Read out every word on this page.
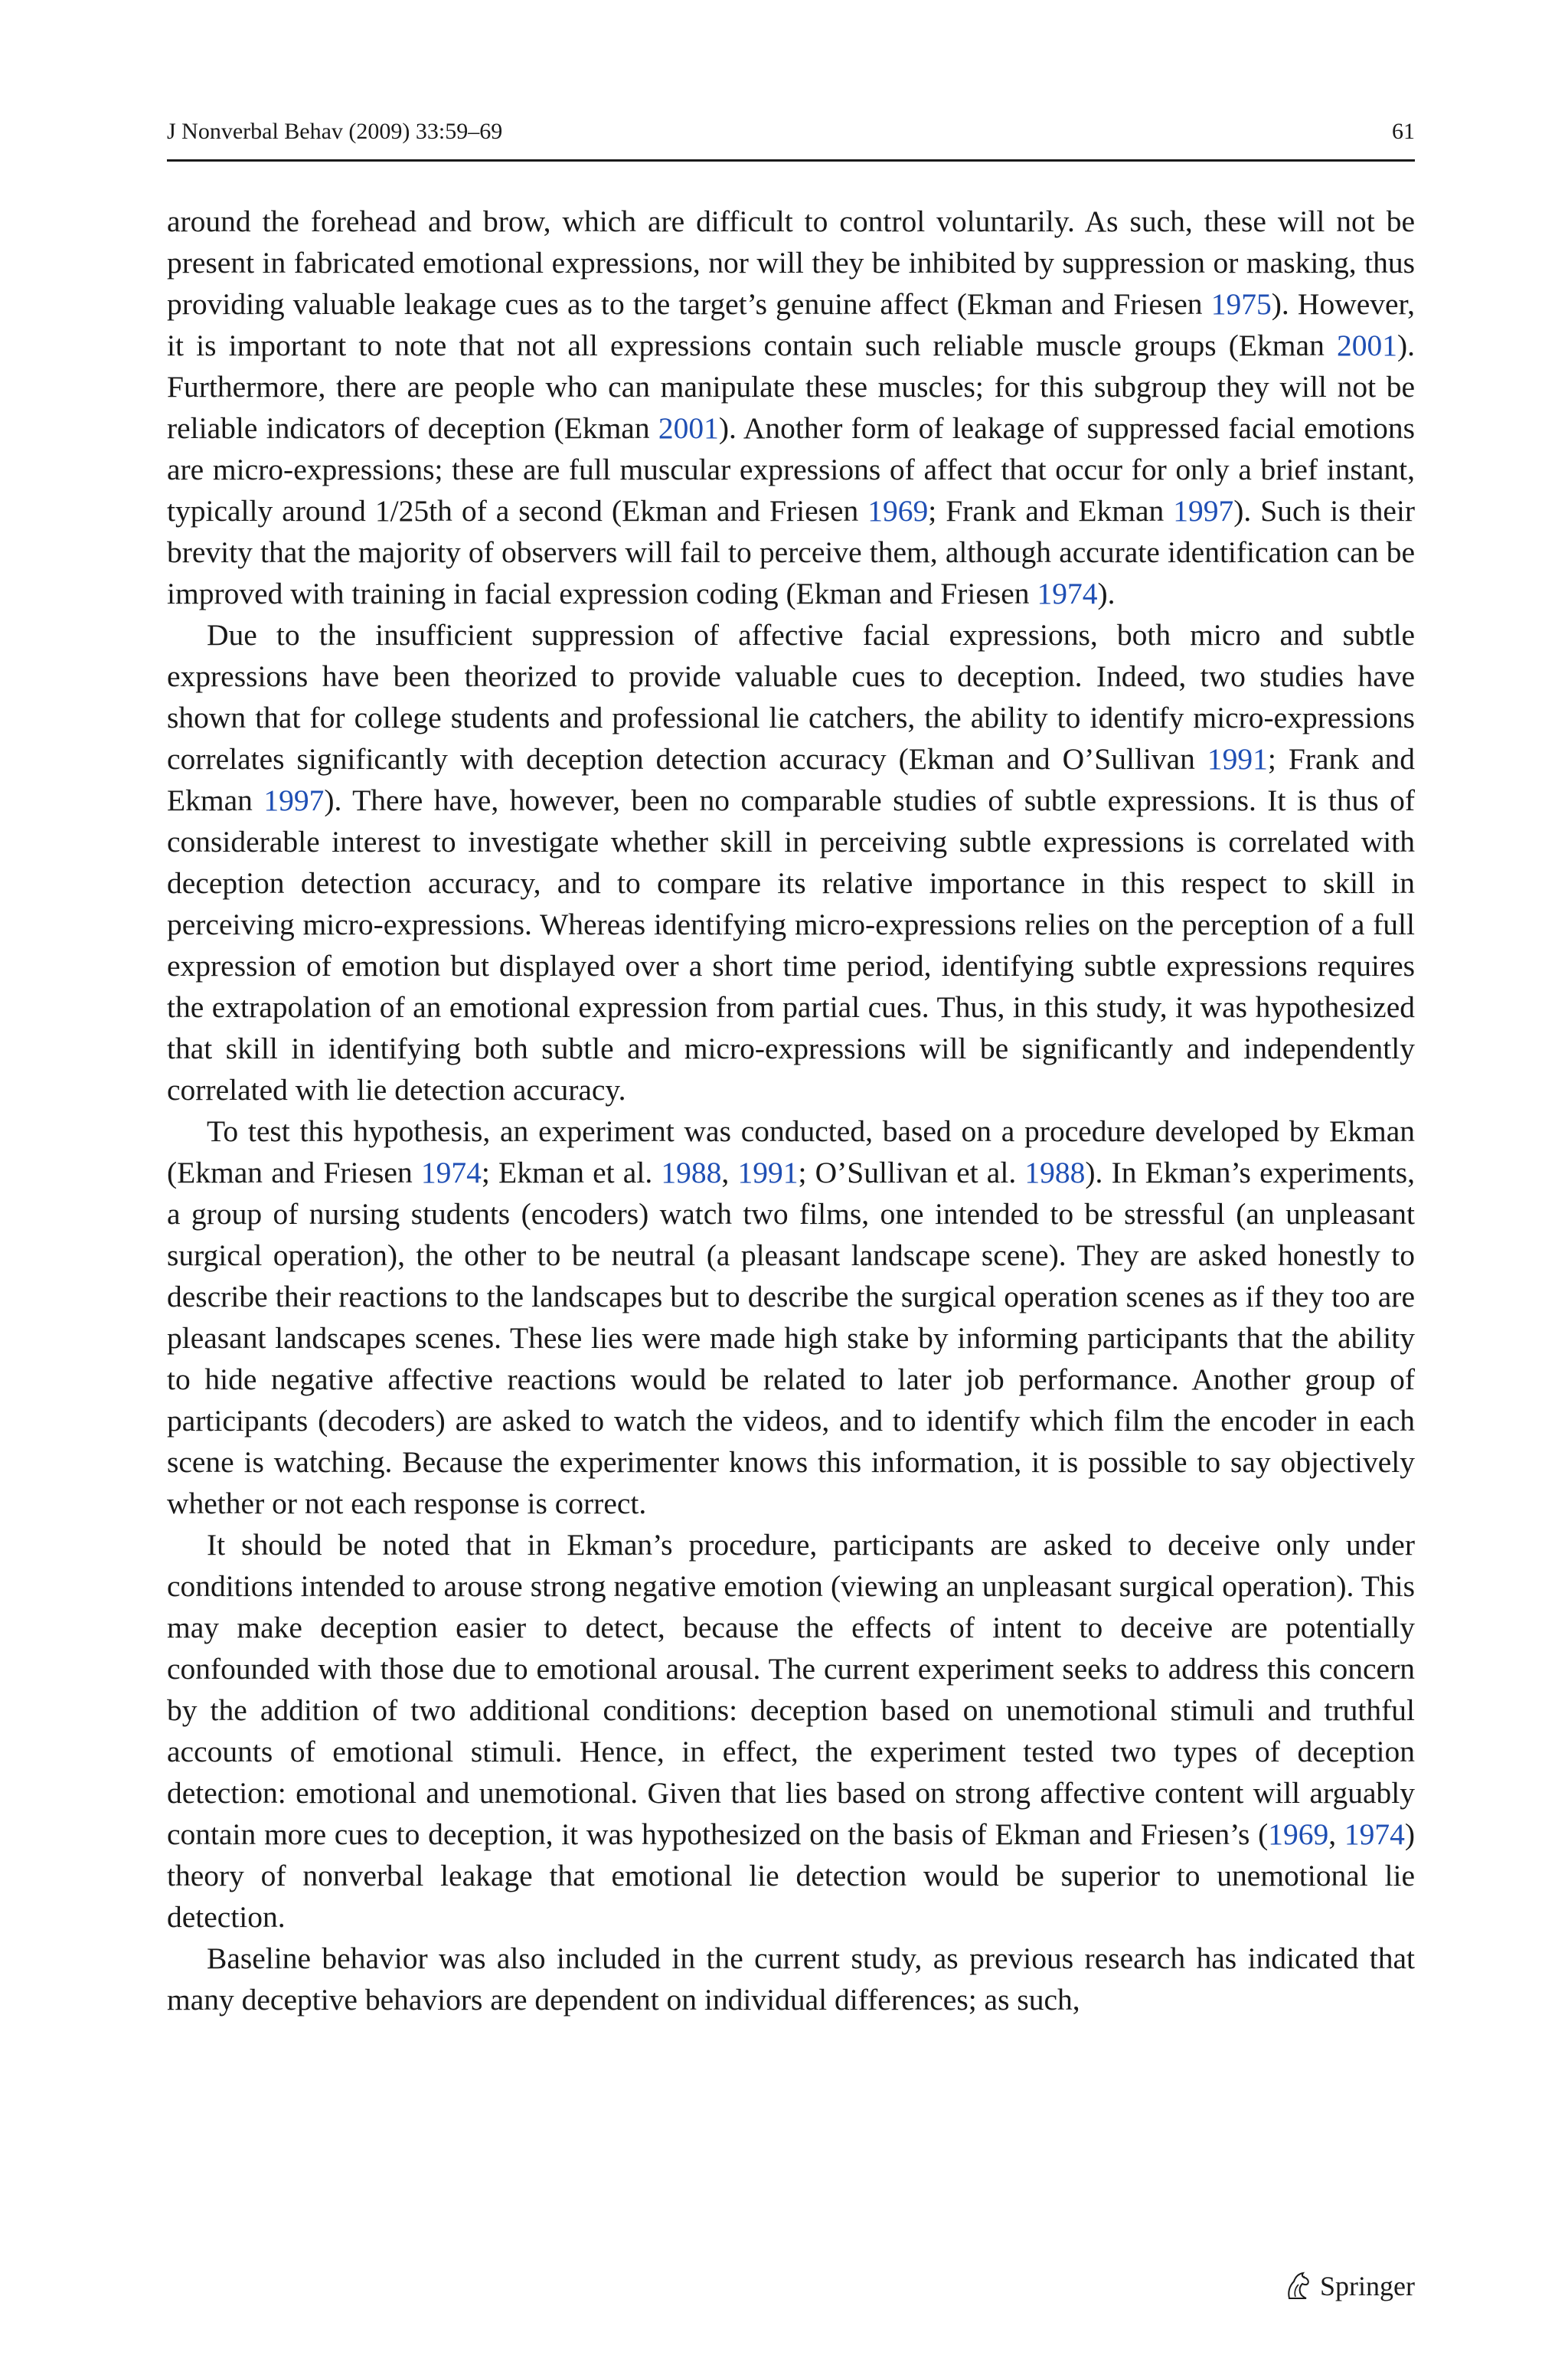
J Nonverbal Behav (2009) 33:59–69	61

around the forehead and brow, which are difficult to control voluntarily. As such, these will not be present in fabricated emotional expressions, nor will they be inhibited by suppression or masking, thus providing valuable leakage cues as to the target’s genuine affect (Ekman and Friesen 1975). However, it is important to note that not all expressions contain such reliable muscle groups (Ekman 2001). Furthermore, there are people who can manipulate these muscles; for this subgroup they will not be reliable indicators of deception (Ekman 2001). Another form of leakage of suppressed facial emotions are micro-expressions; these are full muscular expressions of affect that occur for only a brief instant, typically around 1/25th of a second (Ekman and Friesen 1969; Frank and Ekman 1997). Such is their brevity that the majority of observers will fail to perceive them, although accurate identification can be improved with training in facial expression coding (Ekman and Friesen 1974).

Due to the insufficient suppression of affective facial expressions, both micro and subtle expressions have been theorized to provide valuable cues to deception. Indeed, two studies have shown that for college students and professional lie catchers, the ability to identify micro-expressions correlates significantly with deception detection accuracy (Ekman and O’Sullivan 1991; Frank and Ekman 1997). There have, however, been no comparable studies of subtle expressions. It is thus of considerable interest to investigate whether skill in perceiving subtle expressions is correlated with deception detection accuracy, and to compare its relative importance in this respect to skill in perceiving micro-expressions. Whereas identifying micro-expressions relies on the perception of a full expression of emotion but displayed over a short time period, identifying subtle expressions requires the extrapolation of an emotional expression from partial cues. Thus, in this study, it was hypothesized that skill in identifying both subtle and micro-expressions will be significantly and independently correlated with lie detection accuracy.

To test this hypothesis, an experiment was conducted, based on a procedure developed by Ekman (Ekman and Friesen 1974; Ekman et al. 1988, 1991; O’Sullivan et al. 1988). In Ekman’s experiments, a group of nursing students (encoders) watch two films, one intended to be stressful (an unpleasant surgical operation), the other to be neutral (a pleasant landscape scene). They are asked honestly to describe their reactions to the landscapes but to describe the surgical operation scenes as if they too are pleasant landscapes scenes. These lies were made high stake by informing participants that the ability to hide negative affective reactions would be related to later job performance. Another group of participants (decoders) are asked to watch the videos, and to identify which film the encoder in each scene is watching. Because the experimenter knows this information, it is possible to say objectively whether or not each response is correct.

It should be noted that in Ekman’s procedure, participants are asked to deceive only under conditions intended to arouse strong negative emotion (viewing an unpleasant surgical operation). This may make deception easier to detect, because the effects of intent to deceive are potentially confounded with those due to emotional arousal. The current experiment seeks to address this concern by the addition of two additional conditions: deception based on unemotional stimuli and truthful accounts of emotional stimuli. Hence, in effect, the experiment tested two types of deception detection: emotional and unemotional. Given that lies based on strong affective content will arguably contain more cues to deception, it was hypothesized on the basis of Ekman and Friesen’s (1969, 1974) theory of nonverbal leakage that emotional lie detection would be superior to unemotional lie detection.

Baseline behavior was also included in the current study, as previous research has indicated that many deceptive behaviors are dependent on individual differences; as such,

Springer
